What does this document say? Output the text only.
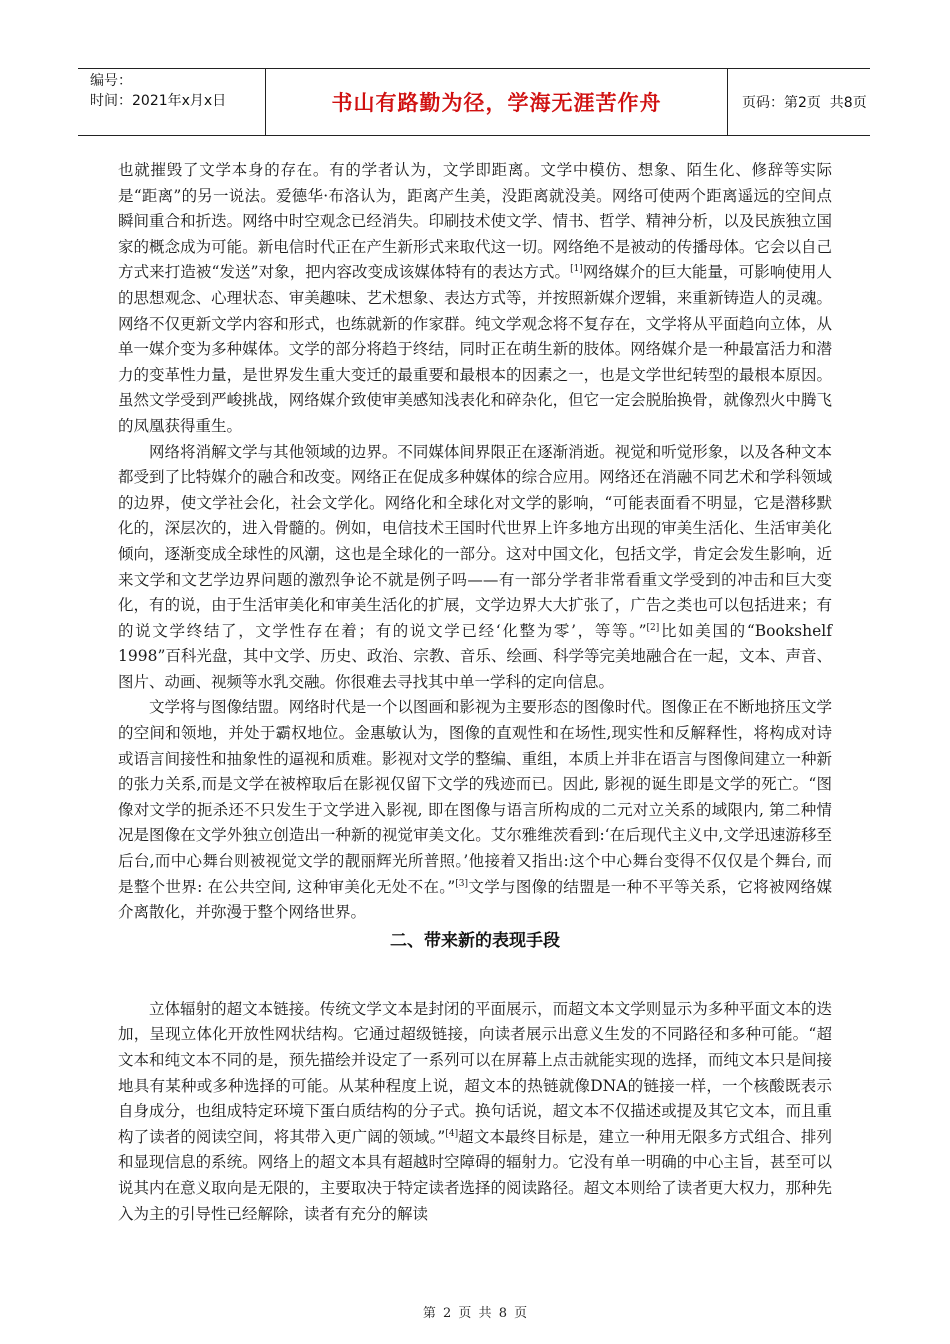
编号：
时间：2021年x月x日	书山有路勤为径，学海无涯苦作舟	页码：第2页  共8页

也就摧毁了文学本身的存在。有的学者认为，文学即距离。文学中模仿、想象、陌生化、修辞等实际是“距离”的另一说法。爱德华·布洛认为，距离产生美，没距离就没美。网络可使两个距离遥远的空间点瞬间重合和折迭。网络中时空观念已经消失。印刷技术使文学、情书、哲学、精神分析，以及民族独立国家的概念成为可能。新电信时代正在产生新形式来取代这一切。网络绝不是被动的传播母体。它会以自己方式来打造被“发送”对象，把内容改变成该媒体特有的表达方式。[1]网络媒介的巨大能量，可影响使用人的思想观念、心理状态、审美趣味、艺术想象、表达方式等，并按照新媒介逻辑，来重新铸造人的灵魂。网络不仅更新文学内容和形式，也练就新的作家群。纯文学观念将不复存在，文学将从平面趋向立体，从单一媒介变为多种媒体。文学的部分将趋于终结，同时正在萌生新的肢体。网络媒介是一种最富活力和潜力的变革性力量，是世界发生重大变迁的最重要和最根本的因素之一，也是文学世纪转型的最根本原因。虽然文学受到严峻挑战，网络媒介致使审美感知浅表化和碎杂化，但它一定会脱胎换骨，就像烈火中腾飞的凤凰获得重生。

网络将消解文学与其他领域的边界。不同媒体间界限正在逐渐消逝。视觉和听觉形象，以及各种文本都受到了比特媒介的融合和改变。网络正在促成多种媒体的综合应用。网络还在消融不同艺术和学科领域的边界，使文学社会化，社会文学化。网络化和全球化对文学的影响，“可能表面看不明显，它是潜移默化的，深层次的，进入骨髓的。例如，电信技术王国时代世界上许多地方出现的审美生活化、生活审美化倾向，逐渐变成全球性的风潮，这也是全球化的一部分。这对中国文化，包括文学，肯定会发生影响，近来文学和文艺学边界问题的激烈争论不就是例子吗——有一部分学者非常看重文学受到的冲击和巨大变化，有的说，由于生活审美化和审美生活化的扩展，文学边界大大扩张了，广告之类也可以包括进来；有的说文学终结了，文学性存在着；有的说文学已经‘化整为零’，等等。”[2]比如美国的“Bookshelf 1998”百科光盘，其中文学、历史、政治、宗教、音乐、绘画、科学等完美地融合在一起，文本、声音、图片、动画、视频等水乳交融。你很难去寻找其中单一学科的定向信息。

文学将与图像结盟。网络时代是一个以图画和影视为主要形态的图像时代。图像正在不断地挤压文学的空间和领地，并处于霸权地位。金惠敏认为，图像的直观性和在场性,现实性和反解释性，将构成对诗或语言间接性和抽象性的逼视和质难。影视对文学的整编、重组，本质上并非在语言与图像间建立一种新的张力关系,而是文学在被榨取后在影视仅留下文学的残迹而已。因此, 影视的诞生即是文学的死亡。“图像对文学的扼杀还不只发生于文学进入影视, 即在图像与语言所构成的二元对立关系的域限内, 第二种情况是图像在文学外独立创造出一种新的视觉审美文化。艾尔雅维茨看到:‘在后现代主义中,文学迅速游移至后台,而中心舞台则被视觉文学的靓丽辉光所普照。’他接着又指出:这个中心舞台变得不仅仅是个舞台, 而是整个世界: 在公共空间, 这种审美化无处不在。”[3]文学与图像的结盟是一种不平等关系，它将被网络媒介离散化，并弥漫于整个网络世界。

二、带来新的表现手段

立体辐射的超文本链接。传统文学文本是封闭的平面展示，而超文本文学则显示为多种平面文本的迭加，呈现立体化开放性网状结构。它通过超级链接，向读者展示出意义生发的不同路径和多种可能。“超文本和纯文本不同的是，预先描绘并设定了一系列可以在屏幕上点击就能实现的选择，而纯文本只是间接地具有某种或多种选择的可能。从某种程度上说，超文本的热链就像DNA的链接一样，一个核酸既表示自身成分，也组成特定环境下蛋白质结构的分子式。换句话说，超文本不仅描述或提及其它文本，而且重构了读者的阅读空间，将其带入更广阔的领域。”[4]超文本最终目标是，建立一种用无限多方式组合、排列和显现信息的系统。网络上的超文本具有超越时空障碍的辐射力。它没有单一明确的中心主旨，甚至可以说其内在意义取向是无限的，主要取决于特定读者选择的阅读路径。超文本则给了读者更大权力，那种先入为主的引导性已经解除，读者有充分的解读

第 2 页 共 8 页
